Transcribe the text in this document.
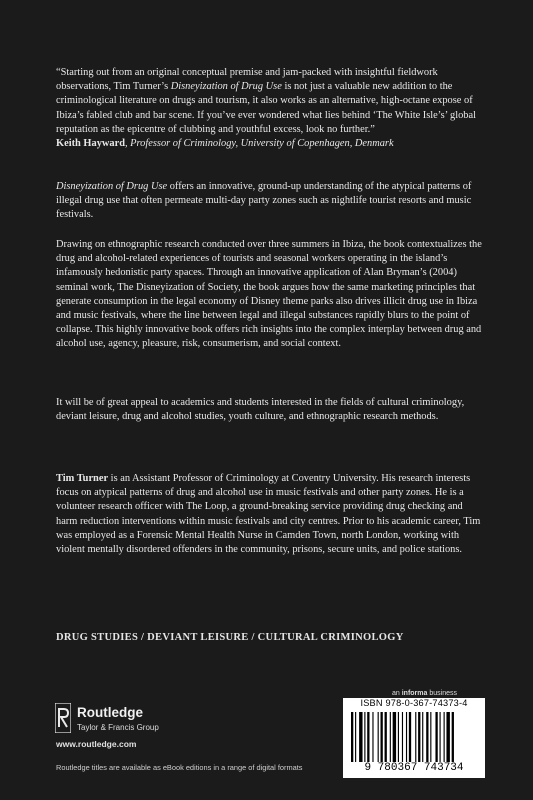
“Starting out from an original conceptual premise and jam-packed with insightful fieldwork observations, Tim Turner’s Disneyization of Drug Use is not just a valuable new addition to the criminological literature on drugs and tourism, it also works as an alternative, high-octane expose of Ibiza’s fabled club and bar scene. If you’ve ever wondered what lies behind ‘The White Isle’s’ global reputation as the epicentre of clubbing and youthful excess, look no further.”

Keith Hayward, Professor of Criminology, University of Copenhagen, Denmark

Disneyization of Drug Use offers an innovative, ground-up understanding of the atypical patterns of illegal drug use that often permeate multi-day party zones such as nightlife tourist resorts and music festivals.

Drawing on ethnographic research conducted over three summers in Ibiza, the book contextualizes the drug and alcohol-related experiences of tourists and seasonal workers operating in the island’s infamously hedonistic party spaces. Through an innovative application of Alan Bryman’s (2004) seminal work, The Disneyization of Society, the book argues how the same marketing principles that generate consumption in the legal economy of Disney theme parks also drives illicit drug use in Ibiza and music festivals, where the line between legal and illegal substances rapidly blurs to the point of collapse. This highly innovative book offers rich insights into the complex interplay between drug and alcohol use, agency, pleasure, risk, consumerism, and social context.

It will be of great appeal to academics and students interested in the fields of cultural criminology, deviant leisure, drug and alcohol studies, youth culture, and ethnographic research methods.

Tim Turner is an Assistant Professor of Criminology at Coventry University. His research interests focus on atypical patterns of drug and alcohol use in music festivals and other party zones. He is a volunteer research officer with The Loop, a ground-breaking service providing drug checking and harm reduction interventions within music festivals and city centres. Prior to his academic career, Tim was employed as a Forensic Mental Health Nurse in Camden Town, north London, working with violent mentally disordered offenders in the community, prisons, secure units, and police stations.

DRUG STUDIES / DEVIANT LEISURE / CULTURAL CRIMINOLOGY
Routledge
Taylor & Francis Group
www.routledge.com
Routledge titles are available as eBook editions in a range of digital formats
an informa business
ISBN 978-0-367-74373-4
9 780367 743734
